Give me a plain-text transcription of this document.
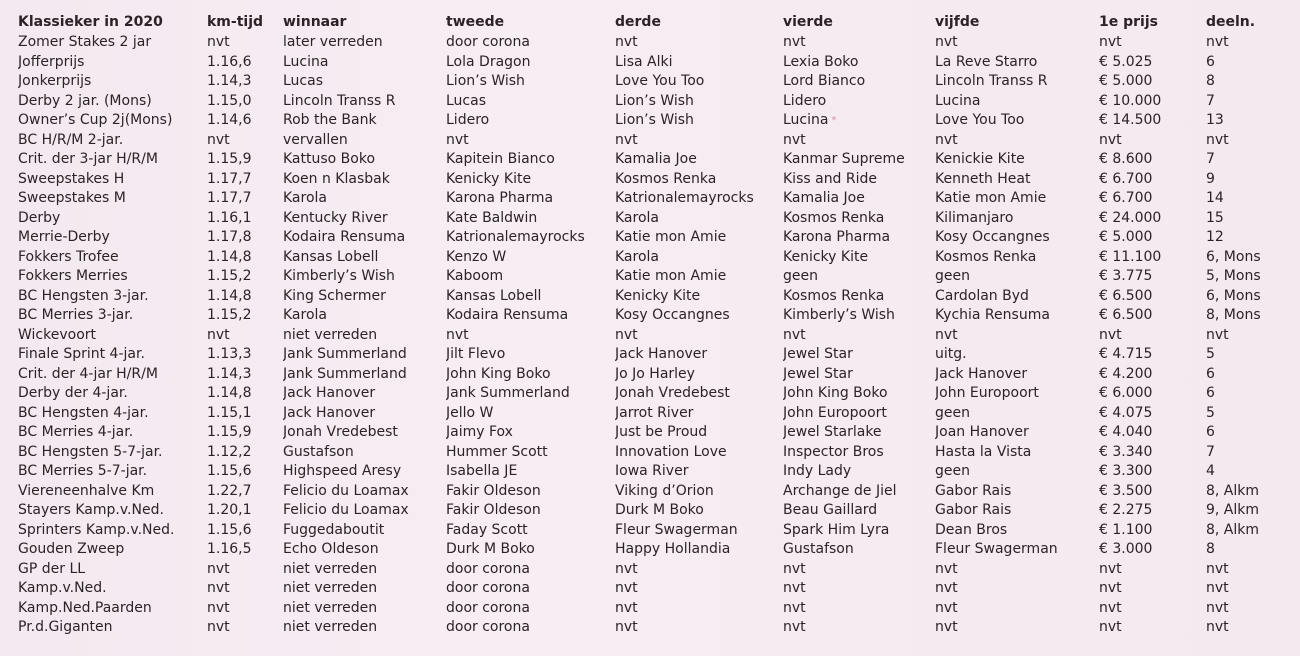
Klassieker in 2020	km-tijd	winnaar	tweede	derde	vierde	vijfde	1e prijs	deeln.
Zomer Stakes 2 jar	nvt	later verreden	door corona	nvt	nvt	nvt	nvt	nvt
Jofferprijs	1.16,6	Lucina	Lola Dragon	Lisa Alki	Lexia Boko	La Reve Starro	€ 5.025	6
Jonkerprijs	1.14,3	Lucas	Lion’s Wish	Love You Too	Lord Bianco	Lincoln Transs R	€ 5.000	8
Derby 2 jar. (Mons)	1.15,0	Lincoln Transs R	Lucas	Lion’s Wish	Lidero	Lucina	€ 10.000	7
Owner’s Cup 2j(Mons)	1.14,6	Rob the Bank	Lidero	Lion’s Wish	Lucina *	Love You Too	€ 14.500	13
BC H/R/M 2-jar.	nvt	vervallen	nvt	nvt	nvt	nvt	nvt	nvt
Crit. der 3-jar H/R/M	1.15,9	Kattuso Boko	Kapitein Bianco	Kamalia Joe	Kanmar Supreme	Kenickie Kite	€ 8.600	7
Sweepstakes H	1.17,7	Koen n Klasbak	Kenicky Kite	Kosmos Renka	Kiss and Ride	Kenneth Heat	€ 6.700	9
Sweepstakes M	1.17,7	Karola	Karona Pharma	Katrionalemayrocks	Kamalia Joe	Katie mon Amie	€ 6.700	14
Derby	1.16,1	Kentucky River	Kate Baldwin	Karola	Kosmos Renka	Kilimanjaro	€ 24.000	15
Merrie-Derby	1.17,8	Kodaira Rensuma	Katrionalemayrocks	Katie mon Amie	Karona Pharma	Kosy Occangnes	€ 5.000	12
Fokkers Trofee	1.14,8	Kansas Lobell	Kenzo W	Karola	Kenicky Kite	Kosmos Renka	€ 11.100	6, Mons
Fokkers Merries	1.15,2	Kimberly’s Wish	Kaboom	Katie mon Amie	geen	geen	€ 3.775	5, Mons
BC Hengsten 3-jar.	1.14,8	King Schermer	Kansas Lobell	Kenicky Kite	Kosmos Renka	Cardolan Byd	€ 6.500	6, Mons
BC Merries 3-jar.	1.15,2	Karola	Kodaira Rensuma	Kosy Occangnes	Kimberly’s Wish	Kychia Rensuma	€ 6.500	8, Mons
Wickevoort	nvt	niet verreden	nvt	nvt	nvt	nvt	nvt	nvt
Finale Sprint 4-jar.	1.13,3	Jank Summerland	Jilt Flevo	Jack Hanover	Jewel Star	uitg.	€ 4.715	5
Crit. der 4-jar H/R/M	1.14,3	Jank Summerland	John King Boko	Jo Jo Harley	Jewel Star	Jack Hanover	€ 4.200	6
Derby der 4-jar.	1.14,8	Jack Hanover	Jank Summerland	Jonah Vredebest	John King Boko	John Europoort	€ 6.000	6
BC Hengsten 4-jar.	1.15,1	Jack Hanover	Jello W	Jarrot River	John Europoort	geen	€ 4.075	5
BC Merries 4-jar.	1.15,9	Jonah Vredebest	Jaimy Fox	Just be Proud	Jewel Starlake	Joan Hanover	€ 4.040	6
BC Hengsten 5-7-jar.	1.12,2	Gustafson	Hummer Scott	Innovation Love	Inspector Bros	Hasta la Vista	€ 3.340	7
BC Merries 5-7-jar.	1.15,6	Highspeed Aresy	Isabella JE	Iowa River	Indy Lady	geen	€ 3.300	4
Viereneenhalve Km	1.22,7	Felicio du Loamax	Fakir Oldeson	Viking d’Orion	Archange de Jiel	Gabor Rais	€ 3.500	8, Alkm
Stayers Kamp.v.Ned.	1.20,1	Felicio du Loamax	Fakir Oldeson	Durk M Boko	Beau Gaillard	Gabor Rais	€ 2.275	9, Alkm
Sprinters Kamp.v.Ned.	1.15,6	Fuggedaboutit	Faday Scott	Fleur Swagerman	Spark Him Lyra	Dean Bros	€ 1.100	8, Alkm
Gouden Zweep	1.16,5	Echo Oldeson	Durk M Boko	Happy Hollandia	Gustafson	Fleur Swagerman	€ 3.000	8
GP der LL	nvt	niet verreden	door corona	nvt	nvt	nvt	nvt	nvt
Kamp.v.Ned.	nvt	niet verreden	door corona	nvt	nvt	nvt	nvt	nvt
Kamp.Ned.Paarden	nvt	niet verreden	door corona	nvt	nvt	nvt	nvt	nvt
Pr.d.Giganten	nvt	niet verreden	door corona	nvt	nvt	nvt	nvt	nvt
